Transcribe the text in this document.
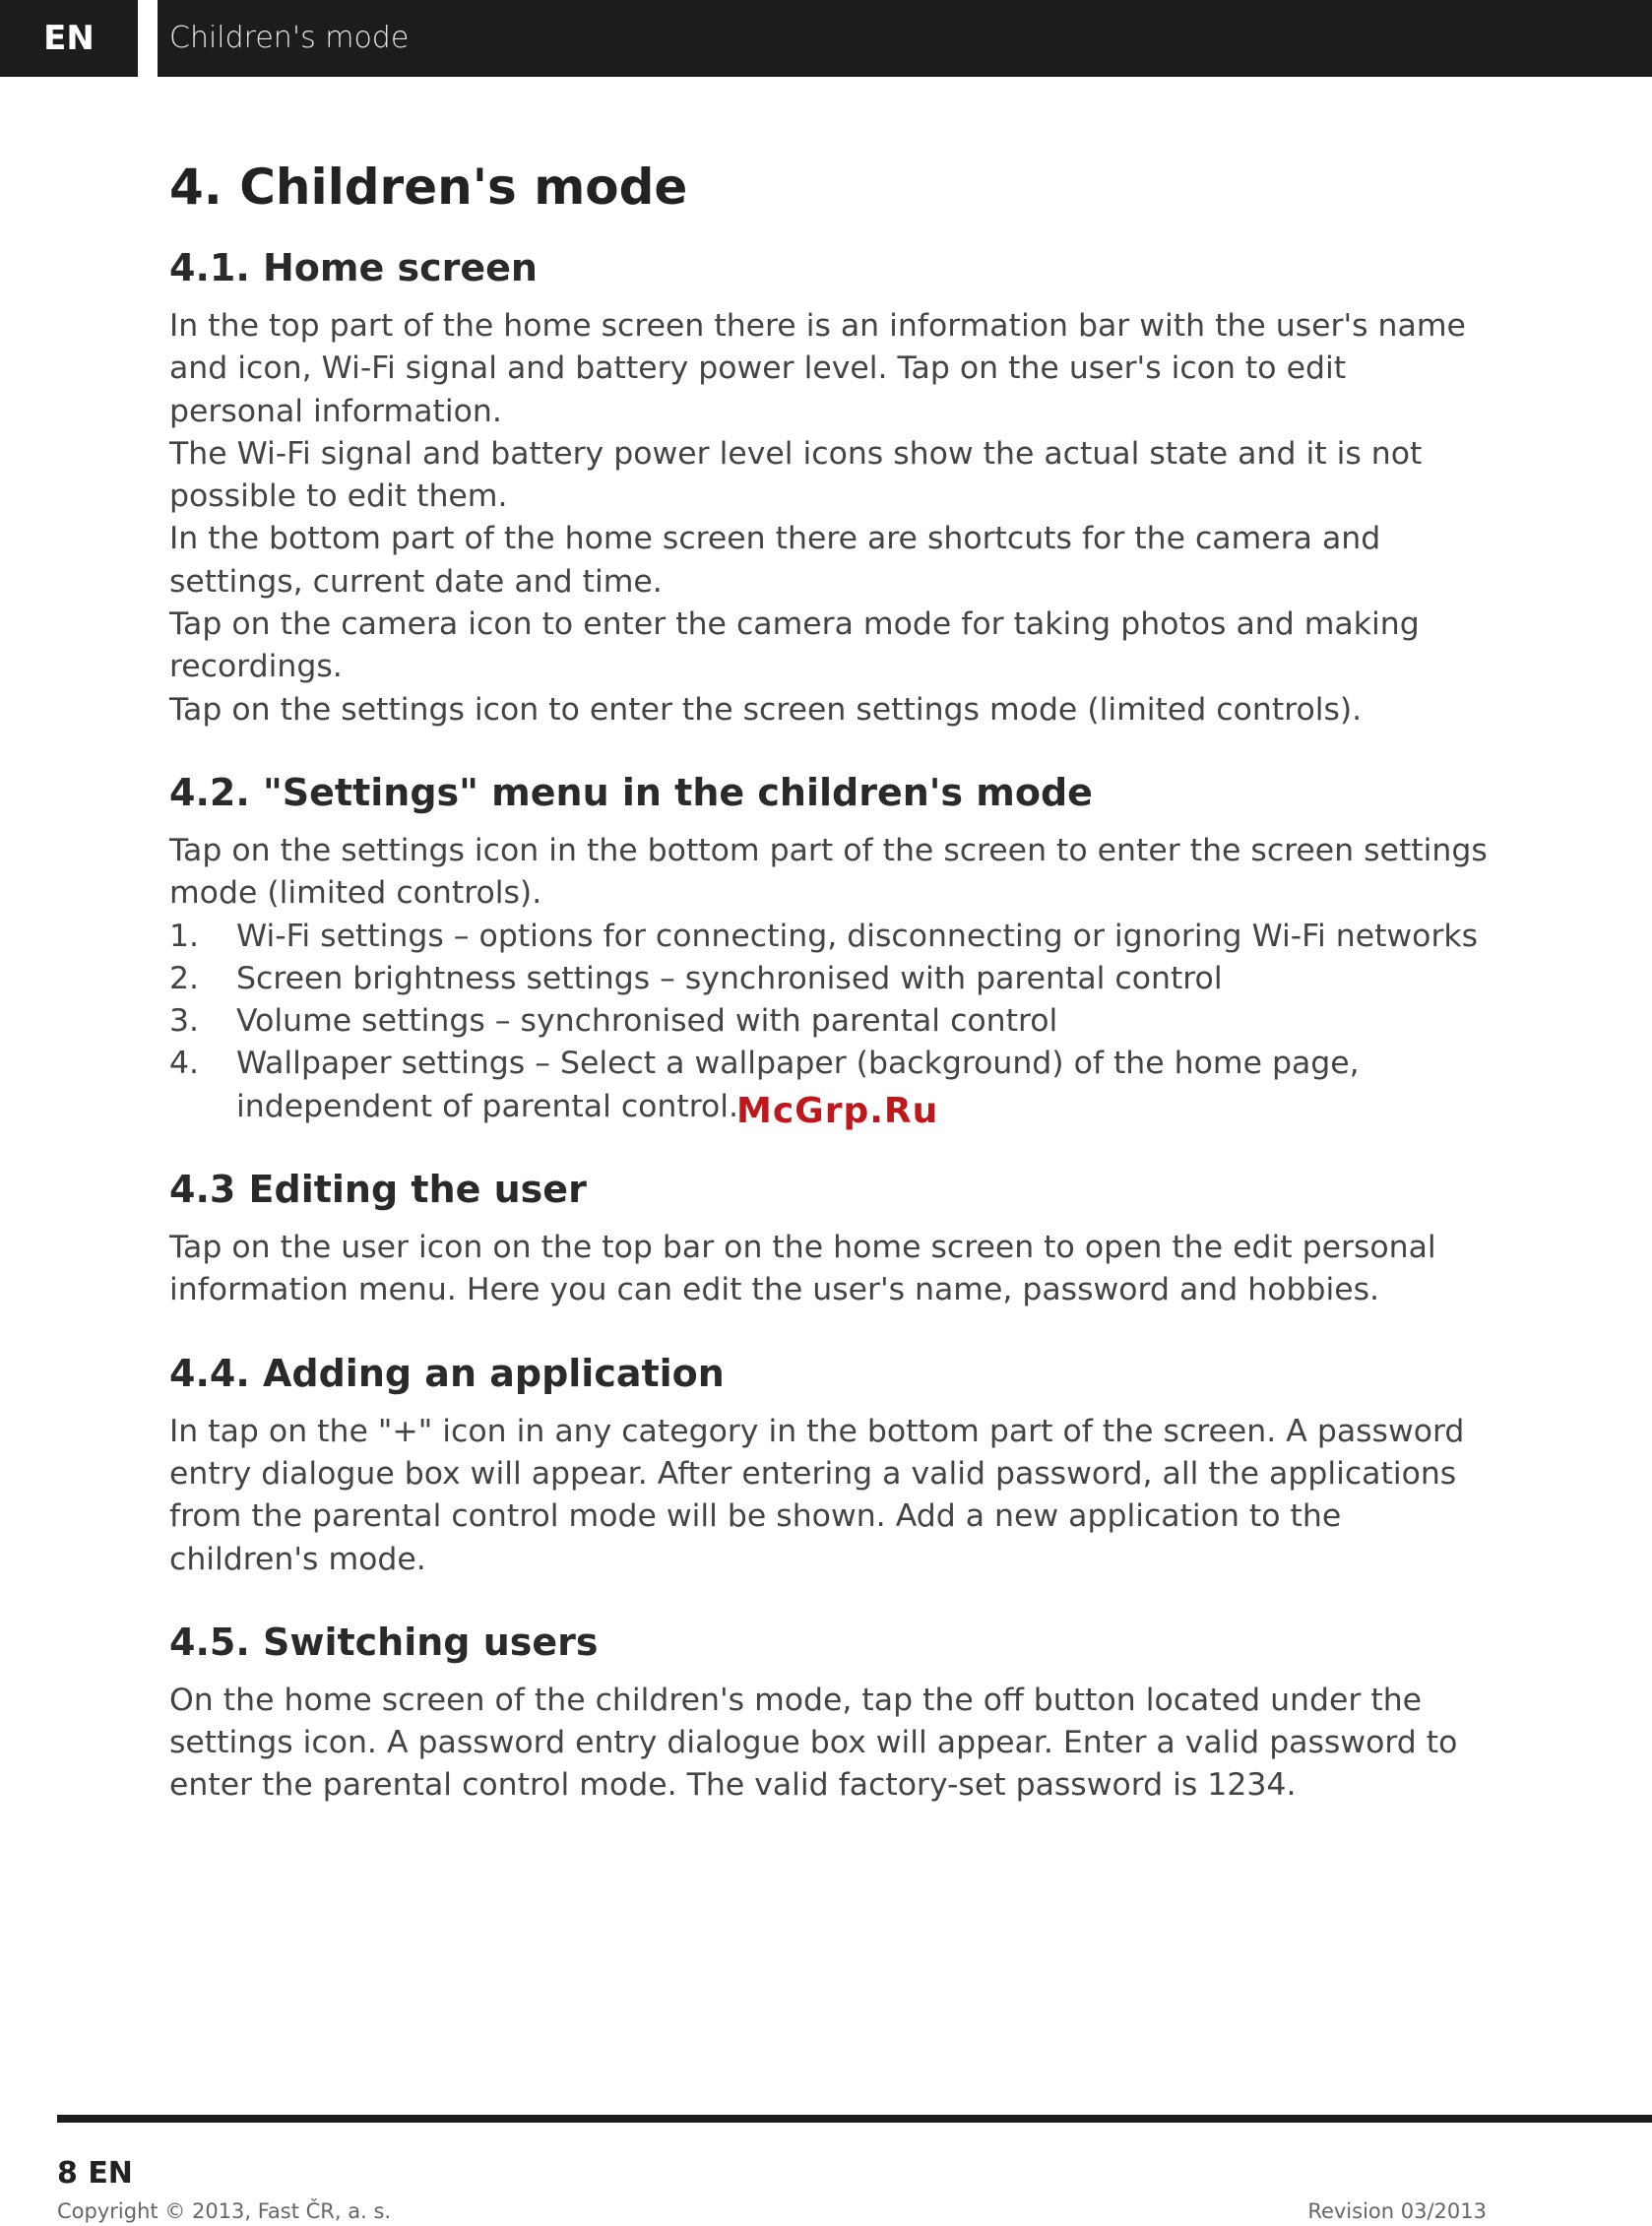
EN	Children's mode
4. Children's mode
4.1. Home screen

In the top part of the home screen there is an information bar with the user's name and icon, Wi-Fi signal and battery power level. Tap on the user's icon to edit personal information.

The Wi-Fi signal and battery power level icons show the actual state and it is not possible to edit them.

In the bottom part of the home screen there are shortcuts for the camera and settings, current date and time.

Tap on the camera icon to enter the camera mode for taking photos and making recordings.

Tap on the settings icon to enter the screen settings mode (limited controls).

4.2. "Settings" menu in the children's mode

Tap on the settings icon in the bottom part of the screen to enter the screen settings mode (limited controls).

1.	Wi-Fi settings – options for connecting, disconnecting or ignoring Wi-Fi networks
2.	Screen brightness settings – synchronised with parental control
3.	Volume settings – synchronised with parental control
4.	Wallpaper settings – Select a wallpaper (background) of the home page, independent of parental control.
4.3 Editing the user

Tap on the user icon on the top bar on the home screen to open the edit personal information menu. Here you can edit the user's name, password and hobbies.

4.4. Adding an application

In tap on the "+" icon in any category in the bottom part of the screen. A password entry dialogue box will appear. After entering a valid password, all the applications from the parental control mode will be shown. Add a new application to the children's mode.

4.5. Switching users

On the home screen of the children's mode, tap the off button located under the settings icon. A password entry dialogue box will appear. Enter a valid password to enter the parental control mode. The valid factory-set password is 1234.

McGrp.Ru
8 EN
Copyright © 2013, Fast ČR, a. s.	Revision 03/2013
